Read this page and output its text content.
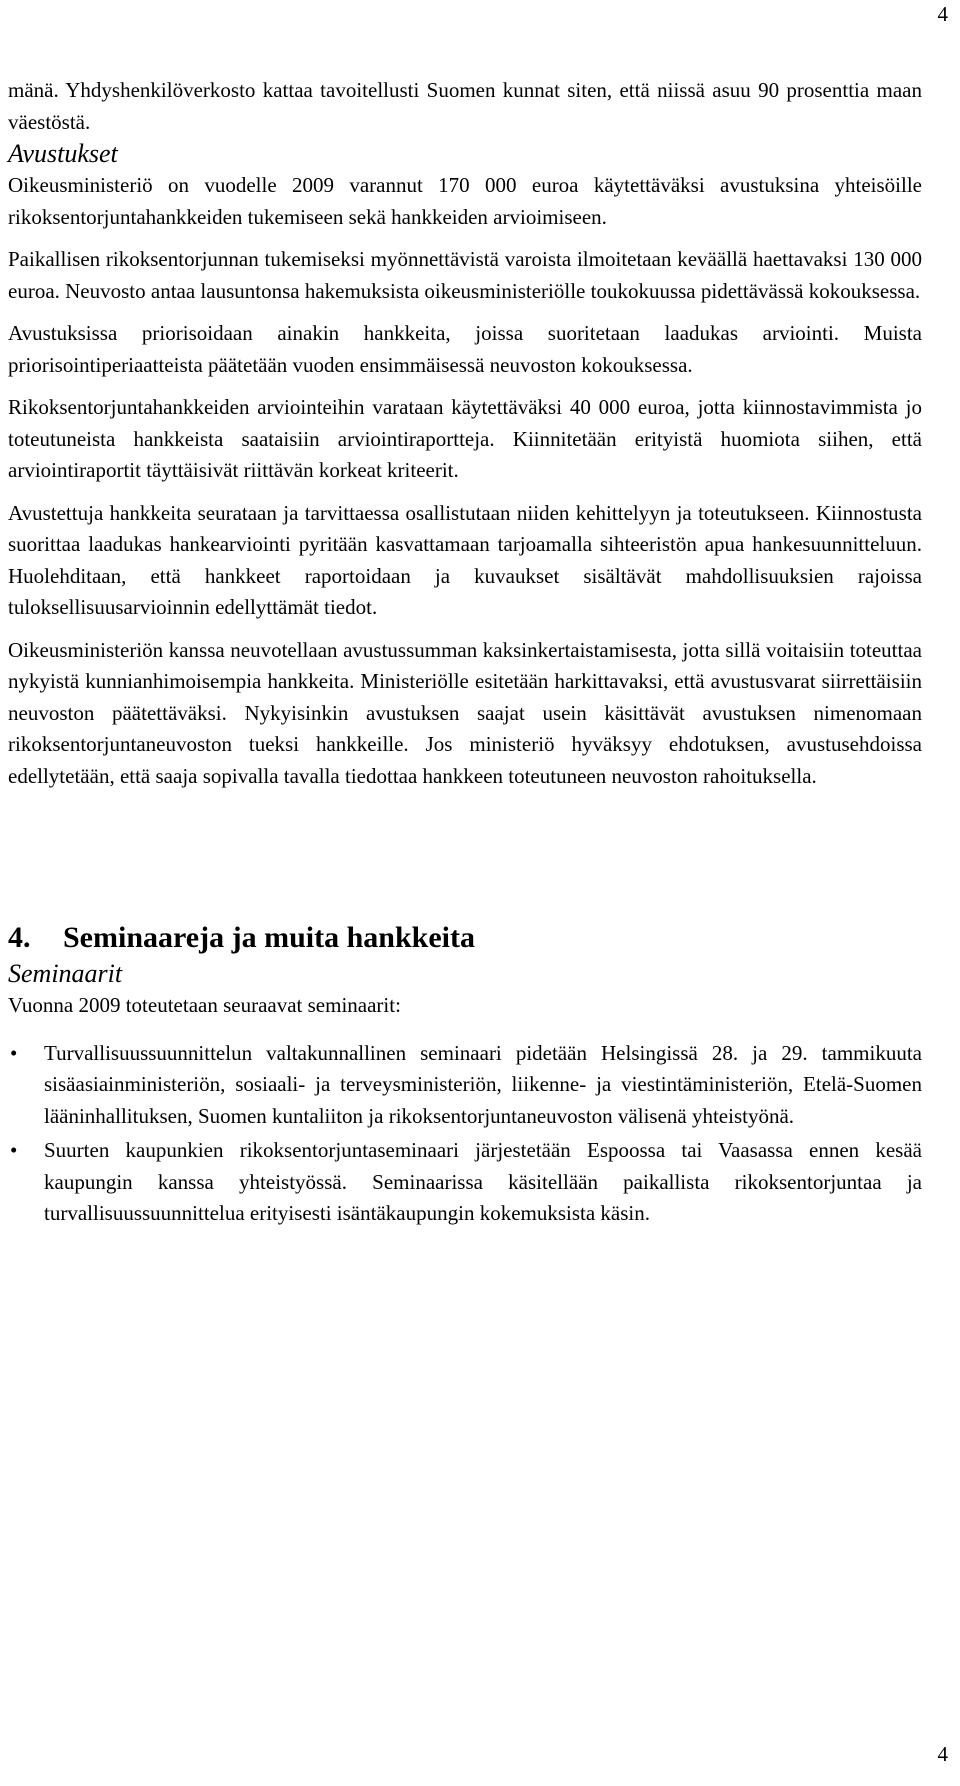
4

mänä. Yhdyshenkilöverkosto kattaa tavoitellusti Suomen kunnat siten, että niissä asuu 90 prosenttia maan väestöstä.

Avustukset

Oikeusministeriö on vuodelle 2009 varannut 170 000 euroa käytettäväksi avustuksina yhteisöille rikoksentorjuntahankkeiden tukemiseen sekä hankkeiden arvioimiseen.

Paikallisen rikoksentorjunnan tukemiseksi myönnettävistä varoista ilmoitetaan keväällä haettavaksi 130 000 euroa. Neuvosto antaa lausuntonsa hakemuksista oikeusministeriölle toukokuussa pidettävässä kokouksessa.

Avustuksissa priorisoidaan ainakin hankkeita, joissa suoritetaan laadukas arviointi. Muista priorisointiperiaatteista päätetään vuoden ensimmäisessä neuvoston kokouksessa.

Rikoksentorjuntahankkeiden arviointeihin varataan käytettäväksi 40 000 euroa, jotta kiinnostavimmista jo toteutuneista hankkeista saataisiin arviointiraportteja. Kiinnitetään erityistä huomiota siihen, että arviointiraportit täyttäisivät riittävän korkeat kriteerit.

Avustettuja hankkeita seurataan ja tarvittaessa osallistutaan niiden kehittelyyn ja toteutukseen. Kiinnostusta suorittaa laadukas hankearviointi pyritään kasvattamaan tarjoamalla sihteeristön apua hankesuunnitteluun. Huolehditaan, että hankkeet raportoidaan ja kuvaukset sisältävät mahdollisuuksien rajoissa tuloksellisuusarvioinnin edellyttämät tiedot.

Oikeusministeriön kanssa neuvotellaan avustussumman kaksinkertaistamisesta, jotta sillä voitaisiin toteuttaa nykyistä kunnianhimoisempia hankkeita. Ministeriölle esitetään harkittavaksi, että avustusvarat siirrettäisiin neuvoston päätettäväksi. Nykyisinkin avustuksen saajat usein käsittävät avustuksen nimenomaan rikoksentorjuntaneuvoston tueksi hankkeille. Jos ministeriö hyväksyy ehdotuksen, avustusehdoissa edellytetään, että saaja sopivalla tavalla tiedottaa hankkeen toteutuneen neuvoston rahoituksella.

4. Seminaareja ja muita hankkeita
Seminaarit

Vuonna 2009 toteutetaan seuraavat seminaarit:

• Turvallisuussuunnittelun valtakunnallinen seminaari pidetään Helsingissä 28. ja 29. tammikuuta sisäasiainministeriön, sosiaali- ja terveysministeriön, liikenne- ja viestintäministeriön, Etelä-Suomen lääninhallituksen, Suomen kuntaliiton ja rikoksentorjuntaneuvoston välisenä yhteistyönä.
• Suurten kaupunkien rikoksentorjuntaseminaari järjestetään Espoossa tai Vaasassa ennen kesää kaupungin kanssa yhteistyössä. Seminaarissa käsitellään paikallista rikoksentorjuntaa ja turvallisuussuunnittelua erityisesti isäntäkaupungin kokemuksista käsin.
4
